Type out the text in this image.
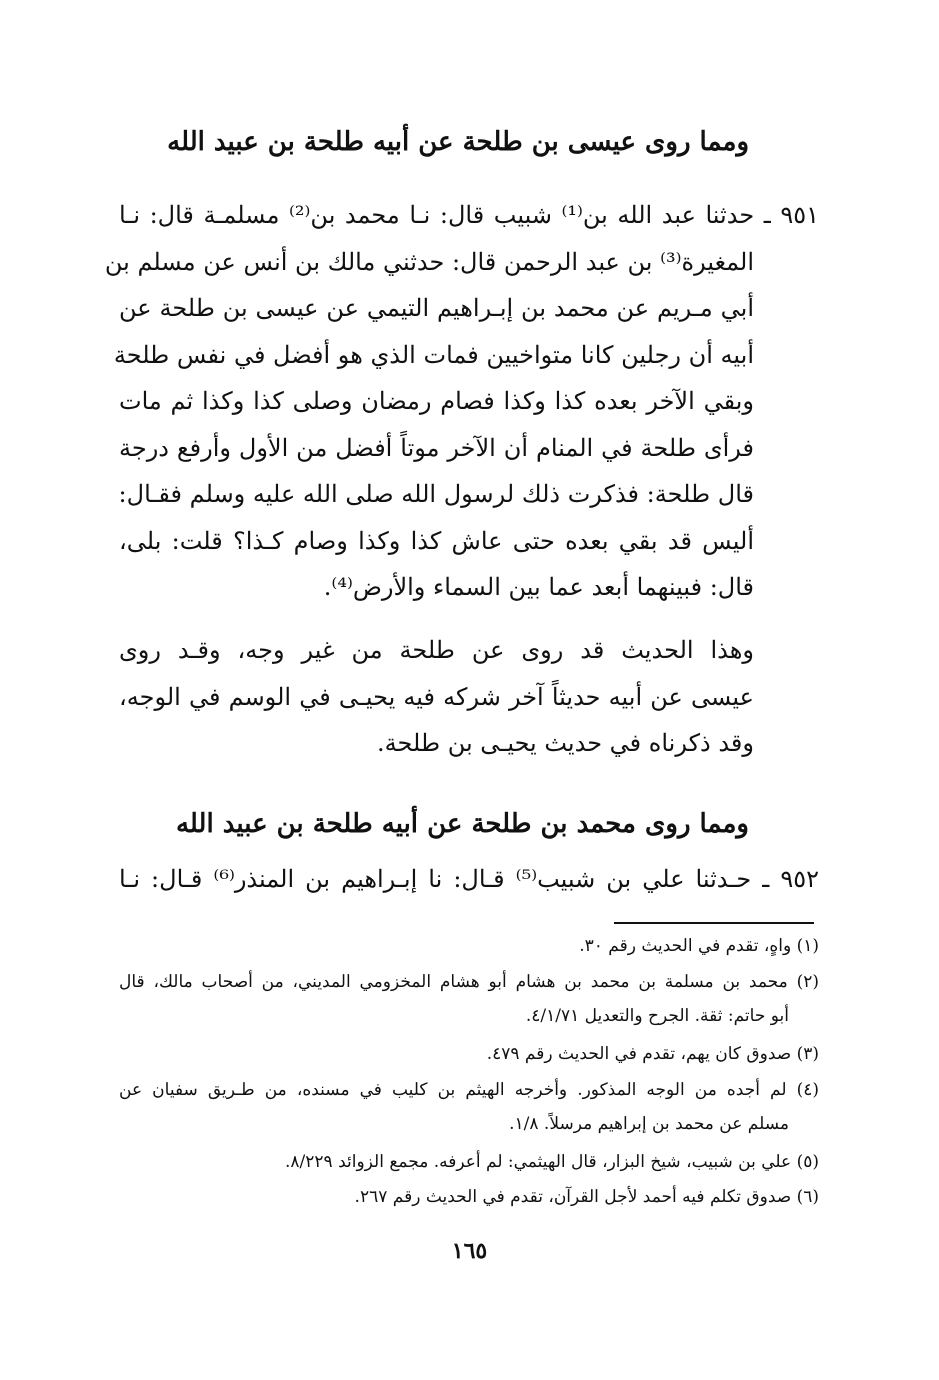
ومما روى عيسى بن طلحة عن أبيه طلحة بن عبيد الله
٩٥١ ـ حدثنا عبد الله بن⁽¹⁾ شبيب قال: نـا محمد بن⁽²⁾ مسلمـة قال: نـا
المغيرة⁽³⁾ بن عبد الرحمن قال: حدثني مالك بن أنس عن مسلم بن
أبي مـريم عن محمد بن إبـراهيم التيمي عن عيسى بن طلحة عن
أبيه أن رجلين كانا متواخيين فمات الذي هو أفضل في نفس طلحة
وبقي الآخر بعده كذا وكذا فصام رمضان وصلى كذا وكذا ثم مات
فرأى طلحة في المنام أن الآخر موتاً أفضل من الأول وأرفع درجة
قال طلحة: فذكرت ذلك لرسول الله صلى الله عليه وسلم فقـال:
أليس قد بقي بعده حتى عاش كذا وكذا وصام كـذا؟ قلت: بلى،
قال: فبينهما أبعد عما بين السماء والأرض⁽⁴⁾.
وهذا الحديث قد روى عن طلحة من غير وجه، وقـد روى
عيسى عن أبيه حديثاً آخر شركه فيه يحيـى في الوسم في الوجه،
وقد ذكرناه في حديث يحيـى بن طلحة.
ومما روى محمد بن طلحة عن أبيه طلحة بن عبيد الله
٩٥٢ ـ حـدثنا علي بن شبيب⁽⁵⁾ قـال: نا إبـراهيم بن المنذر⁽⁶⁾ قـال: نـا
(١) واهٍ، تقدم في الحديث رقم ٣٠.
(٢) محمد بن مسلمة بن محمد بن هشام أبو هشام المخزومي المديني، من أصحاب مالك، قال
أبو حاتم: ثقة. الجرح والتعديل ٤/١/٧١.
(٣) صدوق كان يهم، تقدم في الحديث رقم ٤٧٩.
(٤) لم أجده من الوجه المذكور. وأخرجه الهيثم بن كليب في مسنده، من طـريق سفيان عن
مسلم عن محمد بن إبراهيم مرسلاً. ١/٨.
(٥) علي بن شبيب، شيخ البزار، قال الهيثمي: لم أعرفه. مجمع الزوائد ٨/٢٢٩.
(٦) صدوق تكلم فيه أحمد لأجل القرآن، تقدم في الحديث رقم ٢٦٧.
١٦٥
